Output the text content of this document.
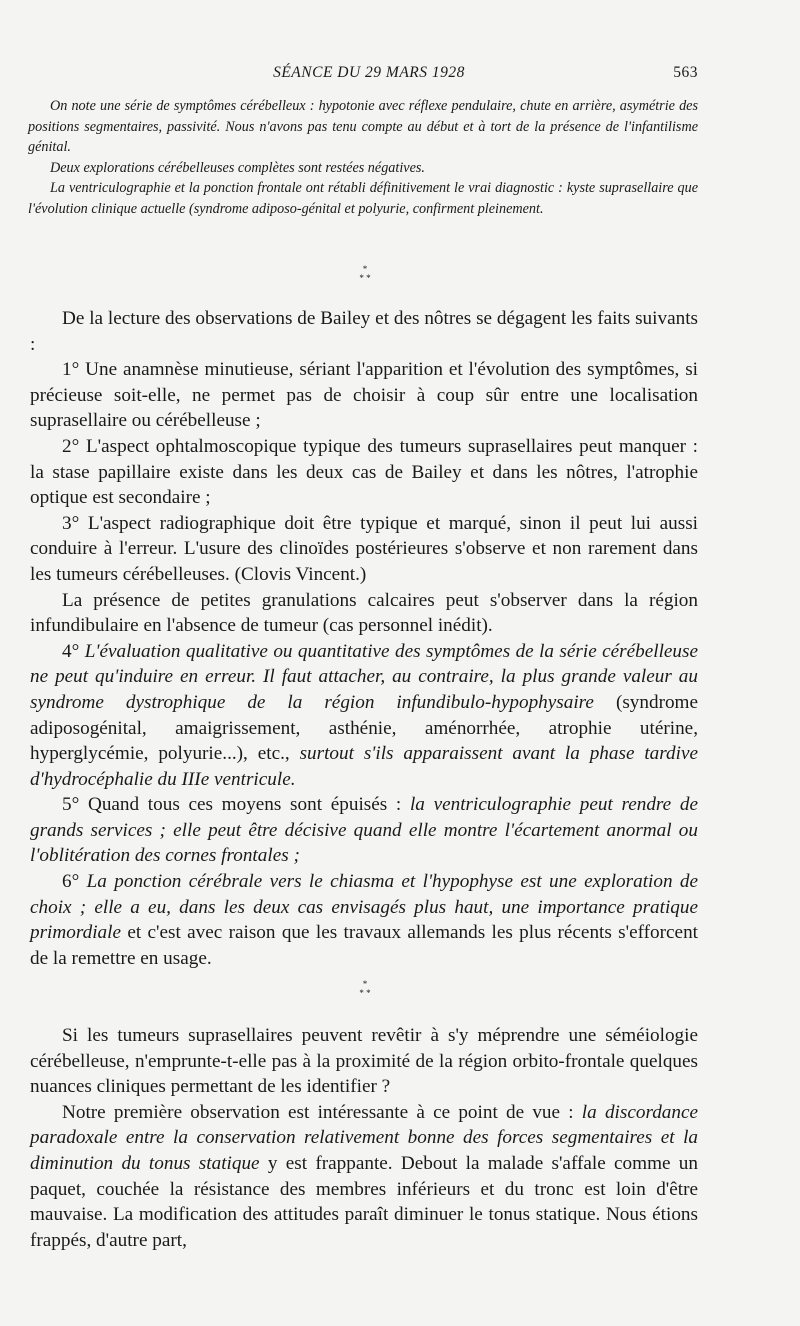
SÉANCE DU 29 MARS 1928	563

On note une série de symptômes cérébelleux : hypotonie avec réflexe pendulaire, chute en arrière, asymétrie des positions segmentaires, passivité. Nous n'avons pas tenu compte au début et à tort de la présence de l'infantilisme génital.

Deux explorations cérébelleuses complètes sont restées négatives.

La ventriculographie et la ponction frontale ont rétabli définitivement le vrai diagnostic : kyste suprasellaire que l'évolution clinique actuelle (syndrome adiposo-génital et polyurie, confirment pleinement.

*
* *

De la lecture des observations de Bailey et des nôtres se dégagent les faits suivants :

1° Une anamnèse minutieuse, sériant l'apparition et l'évolution des symptômes, si précieuse soit-elle, ne permet pas de choisir à coup sûr entre une localisation suprasellaire ou cérébelleuse ;

2° L'aspect ophtalmoscopique typique des tumeurs suprasellaires peut manquer : la stase papillaire existe dans les deux cas de Bailey et dans les nôtres, l'atrophie optique est secondaire ;

3° L'aspect radiographique doit être typique et marqué, sinon il peut lui aussi conduire à l'erreur. L'usure des clinoïdes postérieures s'observe et non rarement dans les tumeurs cérébelleuses. (Clovis Vincent.)

La présence de petites granulations calcaires peut s'observer dans la région infundibulaire en l'absence de tumeur (cas personnel inédit).

4° L'évaluation qualitative ou quantitative des symptômes de la série cérébelleuse ne peut qu'induire en erreur. Il faut attacher, au contraire, la plus grande valeur au syndrome dystrophique de la région infundibulo-hypophysaire (syndrome adiposogénital, amaigrissement, asthénie, aménorrhée, atrophie utérine, hyperglycémie, polyurie...), etc., surtout s'ils apparaissent avant la phase tardive d'hydrocéphalie du IIIe ventricule.

5° Quand tous ces moyens sont épuisés : la ventriculographie peut rendre de grands services ; elle peut être décisive quand elle montre l'écartement anormal ou l'oblitération des cornes frontales ;

6° La ponction cérébrale vers le chiasma et l'hypophyse est une exploration de choix ; elle a eu, dans les deux cas envisagés plus haut, une importance pratique primordiale et c'est avec raison que les travaux allemands les plus récents s'efforcent de la remettre en usage.

*
* *

Si les tumeurs suprasellaires peuvent revêtir à s'y méprendre une séméiologie cérébelleuse, n'emprunte-t-elle pas à la proximité de la région orbito-frontale quelques nuances cliniques permettant de les identifier ?

Notre première observation est intéressante à ce point de vue : la discordance paradoxale entre la conservation relativement bonne des forces segmentaires et la diminution du tonus statique y est frappante. Debout la malade s'affale comme un paquet, couchée la résistance des membres inférieurs et du tronc est loin d'être mauvaise. La modification des attitudes paraît diminuer le tonus statique. Nous étions frappés, d'autre part,
